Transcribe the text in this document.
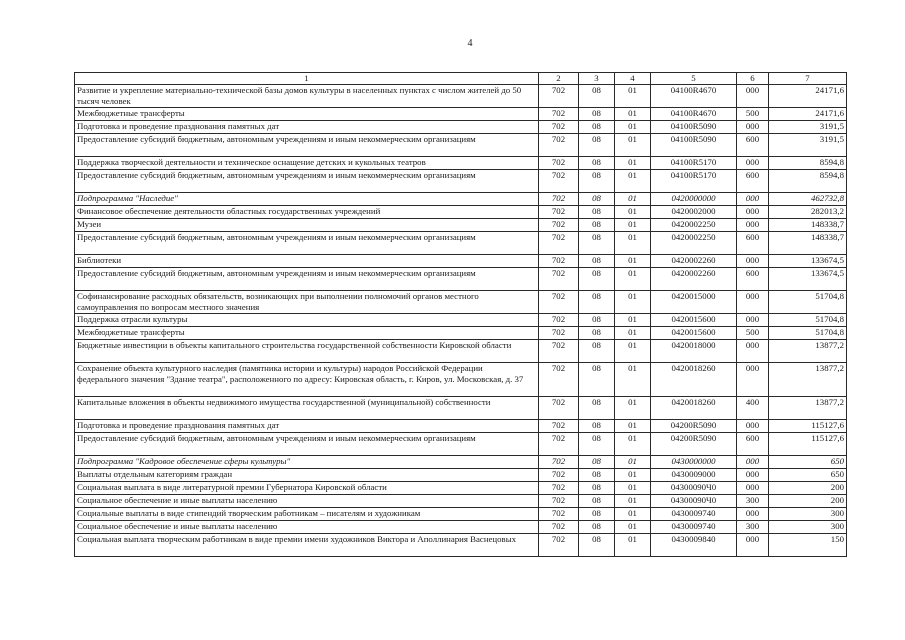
4
1	2	3	4	5	6	7
Развитие и укрепление материально-технической базы домов культуры в населенных пунктах с числом жителей до 50 тысяч человек	702	08	01	04100R4670	000	24171,6
Межбюджетные трансферты	702	08	01	04100R4670	500	24171,6
Подготовка и проведение празднования памятных дат	702	08	01	04100R5090	000	3191,5
Предоставление субсидий бюджетным, автономным учреждениям и иным некоммерческим организациям	702	08	01	04100R5090	600	3191,5
Поддержка творческой деятельности и техническое оснащение детских и кукольных театров	702	08	01	04100R5170	000	8594,8
Предоставление субсидий бюджетным, автономным учреждениям и иным некоммерческим организациям	702	08	01	04100R5170	600	8594,8
Подпрограмма "Наследие"	702	08	01	0420000000	000	462732,8
Финансовое обеспечение деятельности областных государственных учреждений	702	08	01	0420002000	000	282013,2
Музеи	702	08	01	0420002250	000	148338,7
Предоставление субсидий бюджетным, автономным учреждениям и иным некоммерческим организациям	702	08	01	0420002250	600	148338,7
Библиотеки	702	08	01	0420002260	000	133674,5
Предоставление субсидий бюджетным, автономным учреждениям и иным некоммерческим организациям	702	08	01	0420002260	600	133674,5
Софинансирование расходных обязательств, возникающих при выполнении полномочий органов местного самоуправления по вопросам местного значения	702	08	01	0420015000	000	51704,8
Поддержка отрасли культуры	702	08	01	0420015600	000	51704,8
Межбюджетные трансферты	702	08	01	0420015600	500	51704,8
Бюджетные инвестиции в объекты капитального строительства государственной собственности Кировской области	702	08	01	0420018000	000	13877,2
Сохранение объекта культурного наследия (памятника истории и культуры) народов Российской Федерации федерального значения "Здание театра", расположенного по адресу: Кировская область, г. Киров, ул. Московская, д. 37	702	08	01	0420018260	000	13877,2
Капитальные вложения в объекты недвижимого имущества государственной (муниципальной) собственности	702	08	01	0420018260	400	13877,2
Подготовка и проведение празднования памятных дат	702	08	01	04200R5090	000	115127,6
Предоставление субсидий бюджетным, автономным учреждениям и иным некоммерческим организациям	702	08	01	04200R5090	600	115127,6
Подпрограмма "Кадровое обеспечение сферы культуры"	702	08	01	0430000000	000	650
Выплаты отдельным категориям граждан	702	08	01	0430009000	000	650
Социальная выплата в виде литературной премии Губернатора Кировской области	702	08	01	04300090Ч0	000	200
Социальное обеспечение и иные выплаты населению	702	08	01	04300090Ч0	300	200
Социальные выплаты в виде стипендий творческим работникам – писателям и художникам	702	08	01	0430009740	000	300
Социальное обеспечение и иные выплаты населению	702	08	01	0430009740	300	300
Социальная выплата творческим работникам в виде премии имени художников Виктора и Аполлинария Васнецовых	702	08	01	0430009840	000	150
